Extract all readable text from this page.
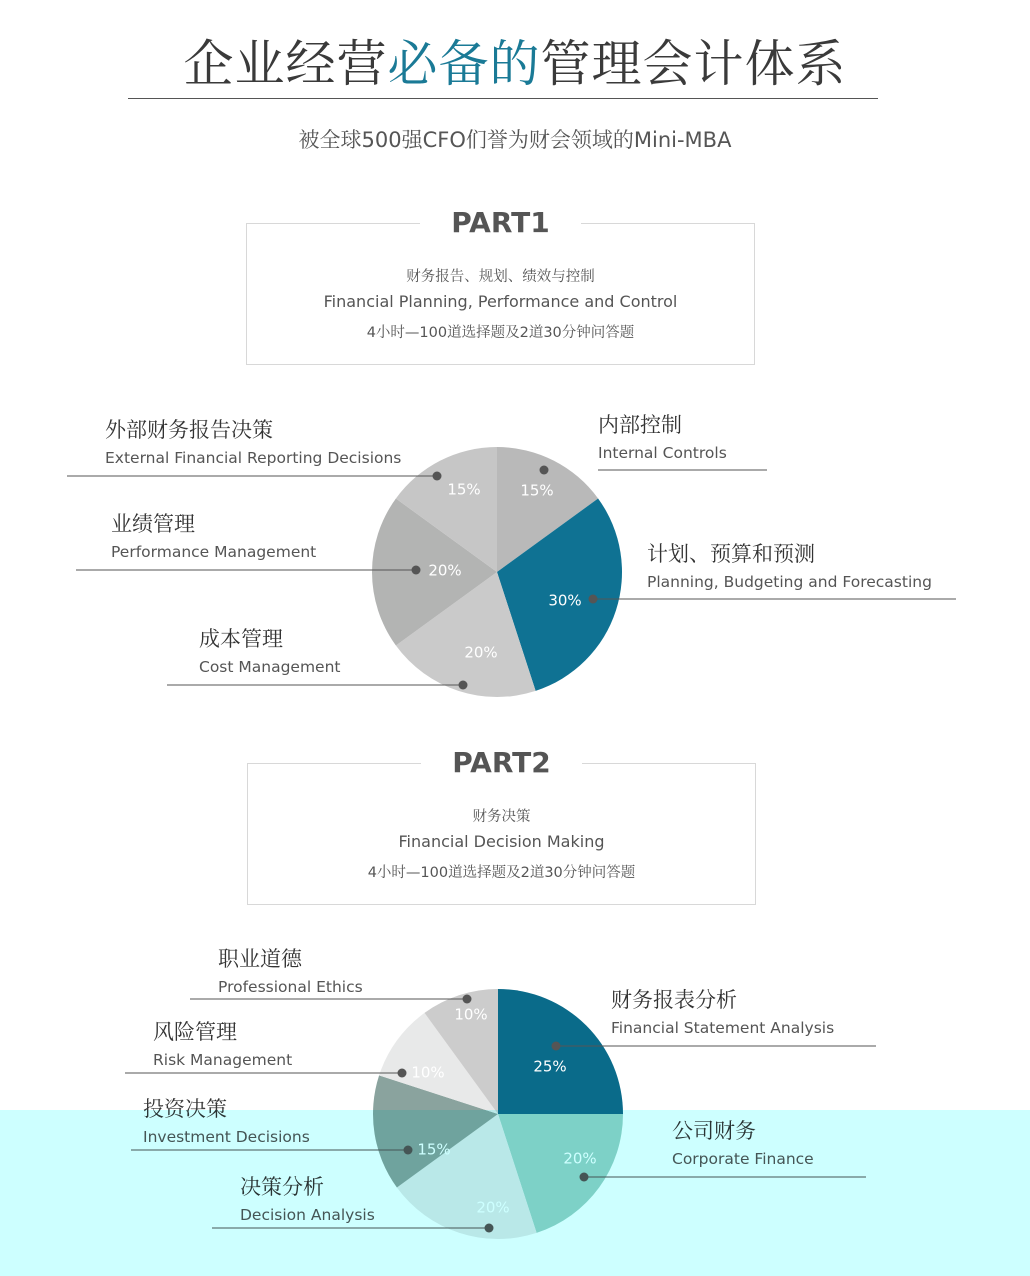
企业经营必备的管理会计体系
被全球500强CFO们誉为财会领域的Mini-MBA
PART1
财务报告、规划、绩效与控制
Financial Planning, Performance and Control
4小时—100道选择题及2道30分钟问答题
PART2
财务决策
Financial Decision Making
4小时—100道选择题及2道30分钟问答题
内部控制
Internal Controls
15%
计划、预算和预测
Planning, Budgeting and Forecasting
30%
成本管理
Cost Management
20%
业绩管理
Performance Management
20%
外部财务报告决策
External Financial Reporting Decisions
15%
财务报表分析
Financial Statement Analysis
25%
公司财务
Corporate Finance
20%
决策分析
Decision Analysis	20%
投资决策
Investment Decisions
15%
风险管理
Risk Management
10%
职业道德
Professional Ethics
10%
